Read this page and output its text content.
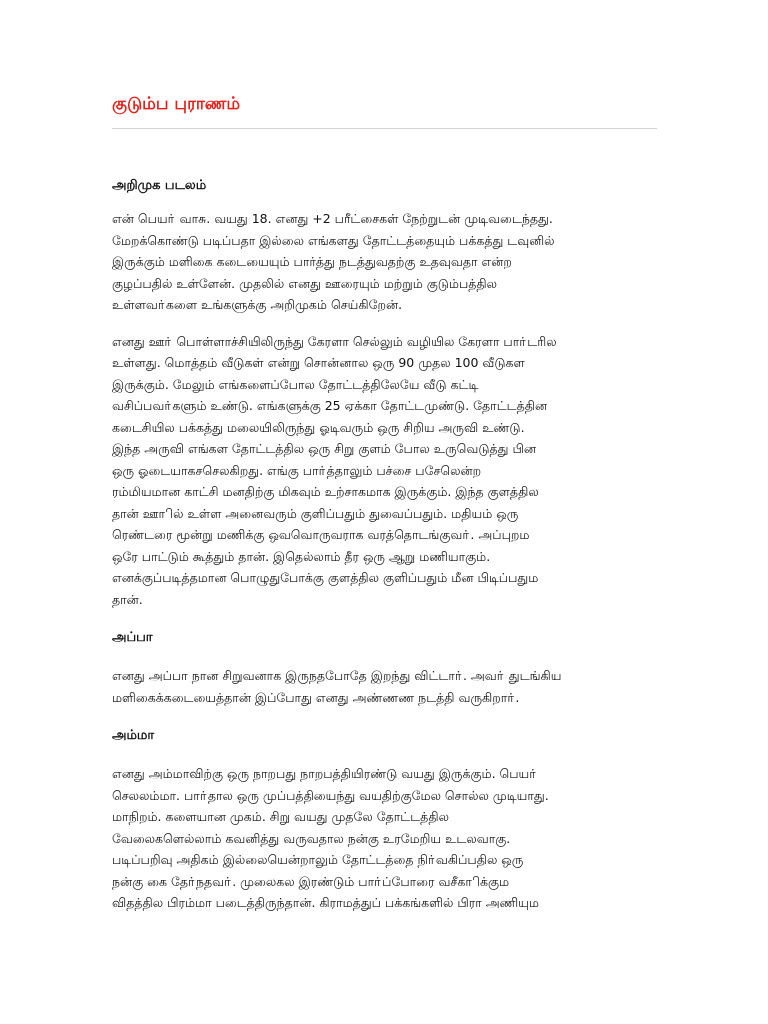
குடும்ப புராணம்
அறிமுக படலம்

என் பெயா் வாசு. வயது 18. எனது +2 பரீட்சைகள் நேற்றுடன் முடிவடைந்தது.
மேறக்கொண்டு படிப்பதா இல்லை எங்களது தோட்டத்தையும் பக்கத்து டவுனில்
இருக்கும் மளிகை கடையையும் பார்த்து நடத்துவதற்கு உதவுவதா என்ற
குழப்பதில் உள்ளேன். முதலில் எனது ஊரையும் மற்றும் குடும்பத்தில
உள்ளவா்களை உங்களுக்கு அறிமுகம் செய்கிறேன்.

எனது ஊா் பொள்ளாச்சியிலிருந்து கேரளா செல்லும் வழியில கேரளா பாா்டரில
உள்ளது. மொத்தம் வீடுகள் என்று சொன்னால ஒரு 90 முதல 100 வீடுகள
இருக்கும். மேலும் எங்களைப்போல தோட்டத்திலேயே வீடு கட்டி
வசிப்பவா்களும் உண்டு. எங்களுக்கு 25 ஏக்கா தோட்டமுண்டு. தோட்டத்தின
கடைசியில பக்கத்து மலையிலிருந்து ஓடிவரும் ஒரு சிறிய அருவி உண்டு.
இந்த அருவி எங்கள தோட்டத்தில ஒரு சிறு குளம் போல உருவெடுத்து பின
ஒரு ஓடையாகசசெலகிறது. எங்கு பாா்த்தாலும் பச்சை பசேலென்ற
ரம்மியமான காட்சி மனதிற்கு மிகவும் உற்சாகமாக இருக்கும். இந்த குளத்தில
தான் ஊாில் உள்ள அனைவரும் குளிப்பதும் துவைப்பதும். மதியம் ஒரு
ரெண்டரை மூன்று மணிக்கு ஒவவொருவராக வரத்தொடங்குவா். அப்புறம
ஒரே பாட்டும் கூத்தும் தான். இதெல்லாம் தீர ஒரு ஆறு மணியாகும்.
எனக்குப்படித்தமான பொழுதுபோக்கு குளத்தில குளிப்பதும் மீன பிடிப்பதும
தான்.

அப்பா

எனது அப்பா நான சிறுவனாக இருநதபோதே இறந்து விட்டாா். அவா் துடங்கிய
மளிகைக்கடையைத்தான் இப்போது எனது அண்ணண நடத்தி வருகிறாா்.

அம்மா

எனது அம்மாவிற்கு ஒரு நாறபது நாறபத்தியிரண்டு வயது இருக்கும். பெயா்
செலலம்மா. பாா்தால ஒரு முப்பத்தியைந்து வயதிற்குமேல சொல்ல முடியாது.
மாநிறம். களையான முகம். சிறு வயது முதலே தோட்டத்தில
வேலைகளெல்லாம் கவனித்து வருவதால நன்கு உரமேறிய உடலவாகு.
படிப்பறிவு அதிகம் இல்லையென்றாலும் தோட்டத்தை நிா்வகிப்பதில ஒரு
நன்கு கை தோ்நதவா். முலைகல இரண்டும் பாா்ப்போரை வசீகாிக்கும
விதத்தில பிரம்மா படைத்திருந்தான். கிராமத்துப் பக்கங்களில் பிரா அணியும
